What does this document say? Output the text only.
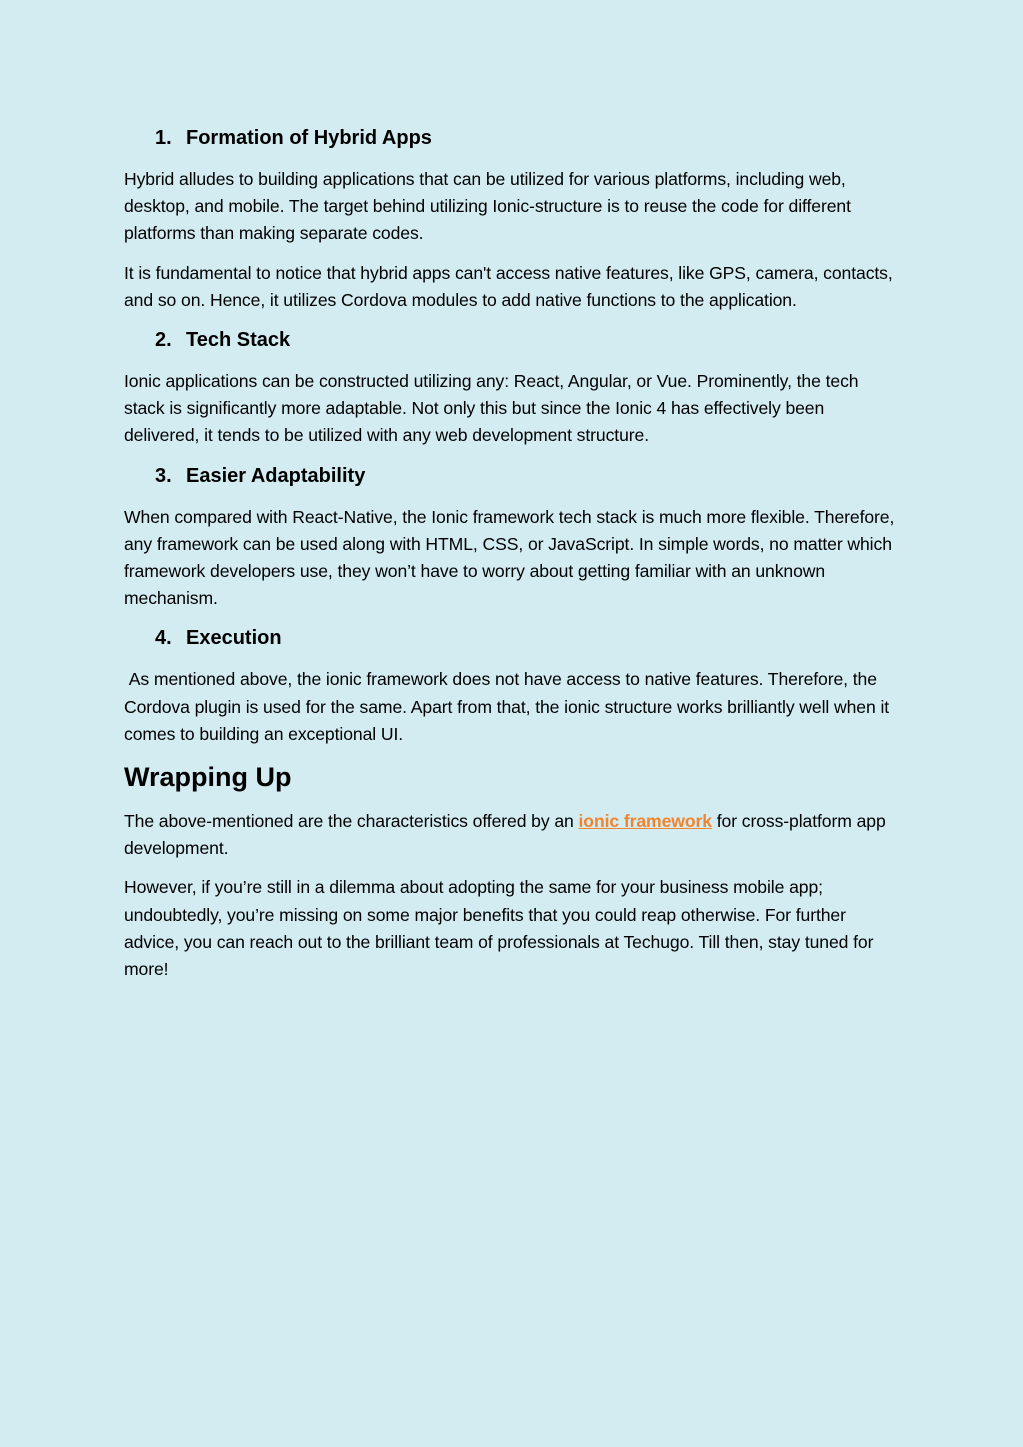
1. Formation of Hybrid Apps

Hybrid alludes to building applications that can be utilized for various platforms, including web, desktop, and mobile. The target behind utilizing Ionic-structure is to reuse the code for different platforms than making separate codes.

It is fundamental to notice that hybrid apps can't access native features, like GPS, camera, contacts, and so on. Hence, it utilizes Cordova modules to add native functions to the application.

2. Tech Stack

Ionic applications can be constructed utilizing any: React, Angular, or Vue. Prominently, the tech stack is significantly more adaptable. Not only this but since the Ionic 4 has effectively been delivered, it tends to be utilized with any web development structure.

3. Easier Adaptability

When compared with React-Native, the Ionic framework tech stack is much more flexible. Therefore, any framework can be used along with HTML, CSS, or JavaScript. In simple words, no matter which framework developers use, they won’t have to worry about getting familiar with an unknown mechanism.

4. Execution

As mentioned above, the ionic framework does not have access to native features. Therefore, the Cordova plugin is used for the same. Apart from that, the ionic structure works brilliantly well when it comes to building an exceptional UI.

Wrapping Up

The above-mentioned are the characteristics offered by an ionic framework for cross-platform app development.

However, if you’re still in a dilemma about adopting the same for your business mobile app; undoubtedly, you’re missing on some major benefits that you could reap otherwise. For further advice, you can reach out to the brilliant team of professionals at Techugo. Till then, stay tuned for more!
